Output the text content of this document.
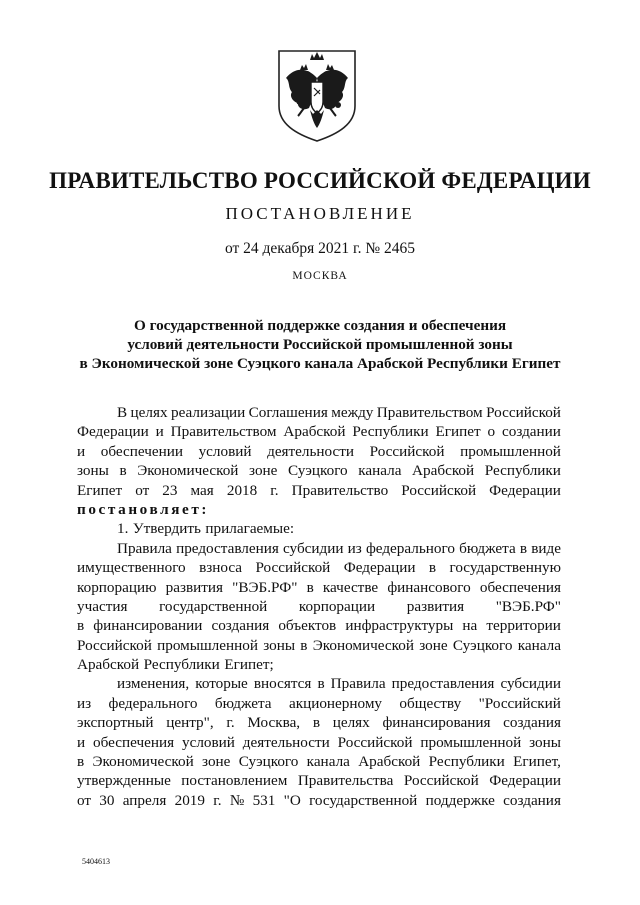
ПРАВИТЕЛЬСТВО РОССИЙСКОЙ ФЕДЕРАЦИИ
ПОСТАНОВЛЕНИЕ
от 24 декабря 2021 г. № 2465
МОСКВА
О государственной поддержке создания и обеспечения
условий деятельности Российской промышленной зоны
в Экономической зоне Суэцкого канала Арабской Республики Египет
В целях реализации Соглашения между Правительством Российской
Федерации и Правительством Арабской Республики Египет о создании
и обеспечении условий деятельности Российской промышленной
зоны в Экономической зоне Суэцкого канала Арабской Республики
Египет от 23 мая 2018 г. Правительство Российской Федерации
постановляет:
1. Утвердить прилагаемые:
Правила предоставления субсидии из федерального бюджета в виде
имущественного взноса Российской Федерации в государственную
корпорацию развития "ВЭБ.РФ" в качестве финансового обеспечения
участия государственной корпорации развития "ВЭБ.РФ"
в финансировании создания объектов инфраструктуры на территории
Российской промышленной зоны в Экономической зоне Суэцкого канала
Арабской Республики Египет;
изменения, которые вносятся в Правила предоставления субсидии
из федерального бюджета акционерному обществу "Российский
экспортный центр", г. Москва, в целях финансирования создания
и обеспечения условий деятельности Российской промышленной зоны
в Экономической зоне Суэцкого канала Арабской Республики Египет,
утвержденные постановлением Правительства Российской Федерации
от 30 апреля 2019 г. № 531 "О государственной поддержке создания
5404613
